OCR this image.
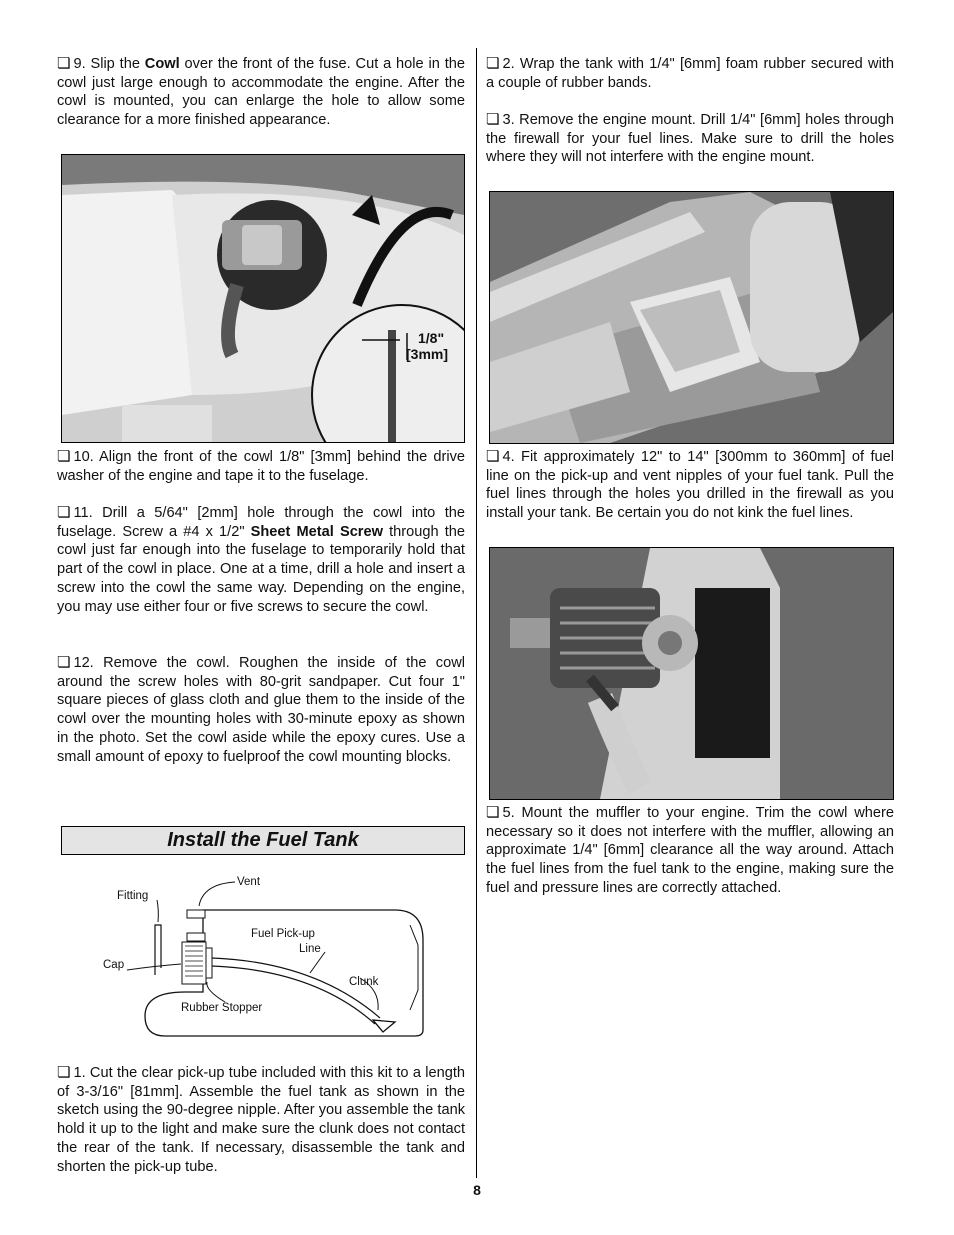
❏ 9. Slip the Cowl over the front of the fuse. Cut a hole in the cowl just large enough to accommodate the engine. After the cowl is mounted, you can enlarge the hole to allow some clearance for a more finished appearance.

1/8"
[3mm]

❏ 10. Align the front of the cowl 1/8" [3mm] behind the drive washer of the engine and tape it to the fuselage.

❏ 11. Drill a 5/64" [2mm] hole through the cowl into the fuselage. Screw a #4 x 1/2" Sheet Metal Screw through the cowl just far enough into the fuselage to temporarily hold that part of the cowl in place. One at a time, drill a hole and insert a screw into the cowl the same way. Depending on the engine, you may use either four or five screws to secure the cowl.

❏ 12. Remove the cowl. Roughen the inside of the cowl around the screw holes with 80-grit sandpaper. Cut four 1" square pieces of glass cloth and glue them to the inside of the cowl over the mounting holes with 30-minute epoxy as shown in the photo. Set the cowl aside while the epoxy cures. Use a small amount of epoxy to fuelproof the cowl mounting blocks.

Install the Fuel Tank
Vent
Fitting
Fuel Pick-up
Line
Cap
Clunk
Rubber Stopper

❏ 1. Cut the clear pick-up tube included with this kit to a length of 3-3/16" [81mm]. Assemble the fuel tank as shown in the sketch using the 90-degree nipple. After you assemble the tank hold it up to the light and make sure the clunk does not contact the rear of the tank. If necessary, disassemble the tank and shorten the pick-up tube.

❏ 2. Wrap the tank with 1/4" [6mm] foam rubber secured with a couple of rubber bands.

❏ 3. Remove the engine mount. Drill 1/4" [6mm] holes through the firewall for your fuel lines. Make sure to drill the holes where they will not interfere with the engine mount.

❏ 4. Fit approximately 12" to 14" [300mm to 360mm] of fuel line on the pick-up and vent nipples of your fuel tank. Pull the fuel lines through the holes you drilled in the firewall as you install your tank. Be certain you do not kink the fuel lines.

❏ 5. Mount the muffler to your engine. Trim the cowl where necessary so it does not interfere with the muffler, allowing an approximate 1/4" [6mm] clearance all the way around. Attach the fuel lines from the fuel tank to the engine, making sure the fuel and pressure lines are correctly attached.

8
